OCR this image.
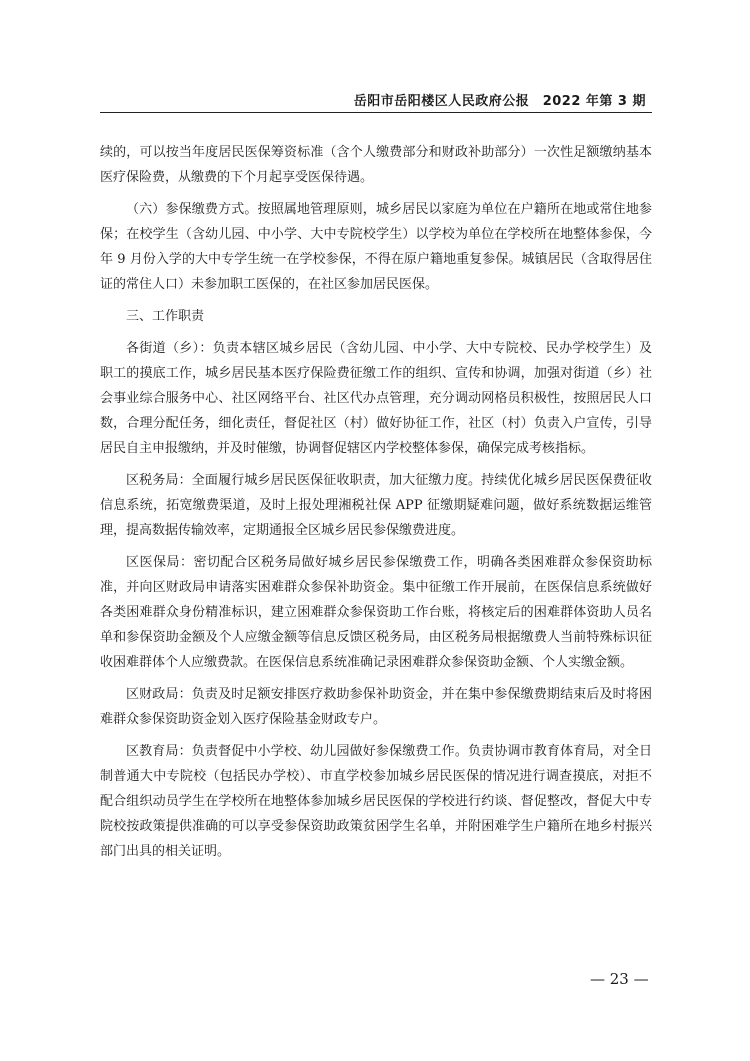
岳阳市岳阳楼区人民政府公报　2022 年第 3 期

续的，可以按当年度居民医保筹资标准（含个人缴费部分和财政补助部分）一次性足额缴纳基本医疗保险费，从缴费的下个月起享受医保待遇。

（六）参保缴费方式。按照属地管理原则，城乡居民以家庭为单位在户籍所在地或常住地参保；在校学生（含幼儿园、中小学、大中专院校学生）以学校为单位在学校所在地整体参保，今年 9 月份入学的大中专学生统一在学校参保，不得在原户籍地重复参保。城镇居民（含取得居住证的常住人口）未参加职工医保的，在社区参加居民医保。

三、工作职责

各街道（乡）：负责本辖区城乡居民（含幼儿园、中小学、大中专院校、民办学校学生）及职工的摸底工作，城乡居民基本医疗保险费征缴工作的组织、宣传和协调，加强对街道（乡）社会事业综合服务中心、社区网络平台、社区代办点管理，充分调动网格员积极性，按照居民人口数，合理分配任务，细化责任，督促社区（村）做好协征工作，社区（村）负责入户宣传，引导居民自主申报缴纳，并及时催缴，协调督促辖区内学校整体参保，确保完成考核指标。

区税务局：全面履行城乡居民医保征收职责，加大征缴力度。持续优化城乡居民医保费征收信息系统，拓宽缴费渠道，及时上报处理湘税社保 APP 征缴期疑难问题，做好系统数据运维管理，提高数据传输效率，定期通报全区城乡居民参保缴费进度。

区医保局：密切配合区税务局做好城乡居民参保缴费工作，明确各类困难群众参保资助标准，并向区财政局申请落实困难群众参保补助资金。集中征缴工作开展前，在医保信息系统做好各类困难群众身份精准标识，建立困难群众参保资助工作台账，将核定后的困难群体资助人员名单和参保资助金额及个人应缴金额等信息反馈区税务局，由区税务局根据缴费人当前特殊标识征收困难群体个人应缴费款。在医保信息系统准确记录困难群众参保资助金额、个人实缴金额。

区财政局：负责及时足额安排医疗救助参保补助资金，并在集中参保缴费期结束后及时将困难群众参保资助资金划入医疗保险基金财政专户。

区教育局：负责督促中小学校、幼儿园做好参保缴费工作。负责协调市教育体育局，对全日制普通大中专院校（包括民办学校）、市直学校参加城乡居民医保的情况进行调查摸底，对拒不配合组织动员学生在学校所在地整体参加城乡居民医保的学校进行约谈、督促整改，督促大中专院校按政策提供准确的可以享受参保资助政策贫困学生名单，并附困难学生户籍所在地乡村振兴部门出具的相关证明。

— 23 —
